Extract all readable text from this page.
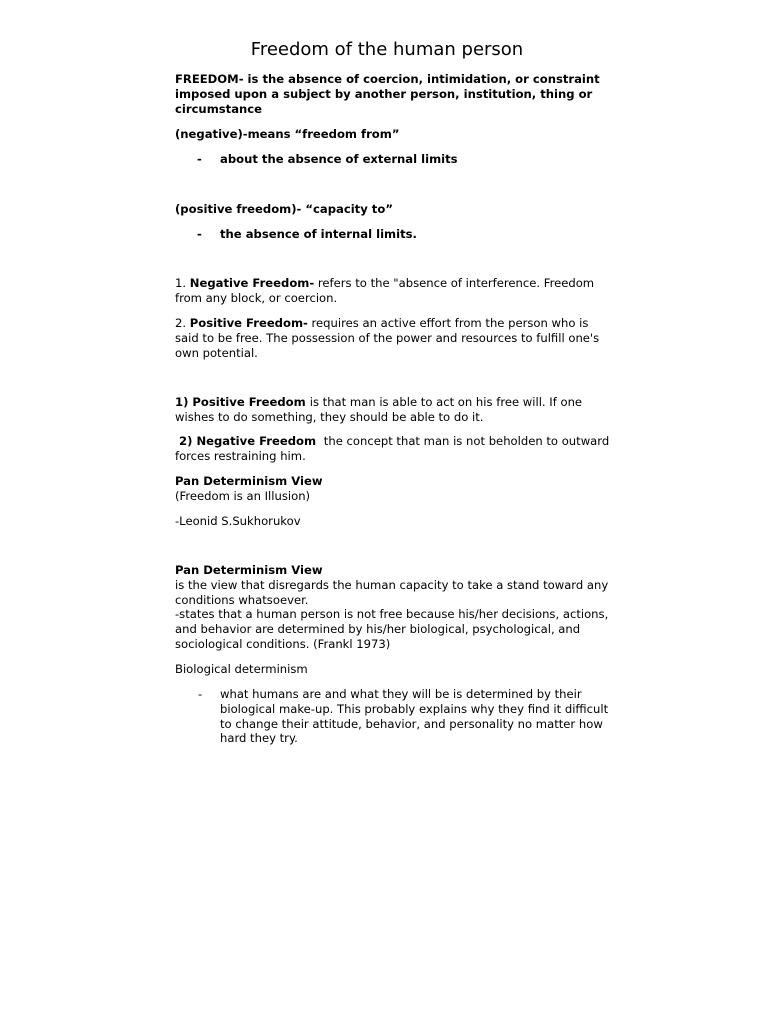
Freedom of the human person
FREEDOM- is the absence of coercion, intimidation, or constraint
imposed upon a subject by another person, institution, thing or
circumstance
(negative)-means “freedom from”
- about the absence of external limits
(positive freedom)- “capacity to”
- the absence of internal limits.
1. Negative Freedom- refers to the "absence of interference. Freedom
from any block, or coercion.
2. Positive Freedom- requires an active effort from the person who is
said to be free. The possession of the power and resources to fulfill one's
own potential.
1) Positive Freedom is that man is able to act on his free will. If one
wishes to do something, they should be able to do it.
2) Negative Freedom  the concept that man is not beholden to outward
forces restraining him.
Pan Determinism View
(Freedom is an Illusion)
-Leonid S.Sukhorukov
Pan Determinism View
is the view that disregards the human capacity to take a stand toward any
conditions whatsoever.
-states that a human person is not free because his/her decisions, actions,
and behavior are determined by his/her biological, psychological, and
sociological conditions. (Frankl 1973)
Biological determinism
- what humans are and what they will be is determined by their
biological make-up. This probably explains why they find it difficult
to change their attitude, behavior, and personality no matter how
hard they try.
